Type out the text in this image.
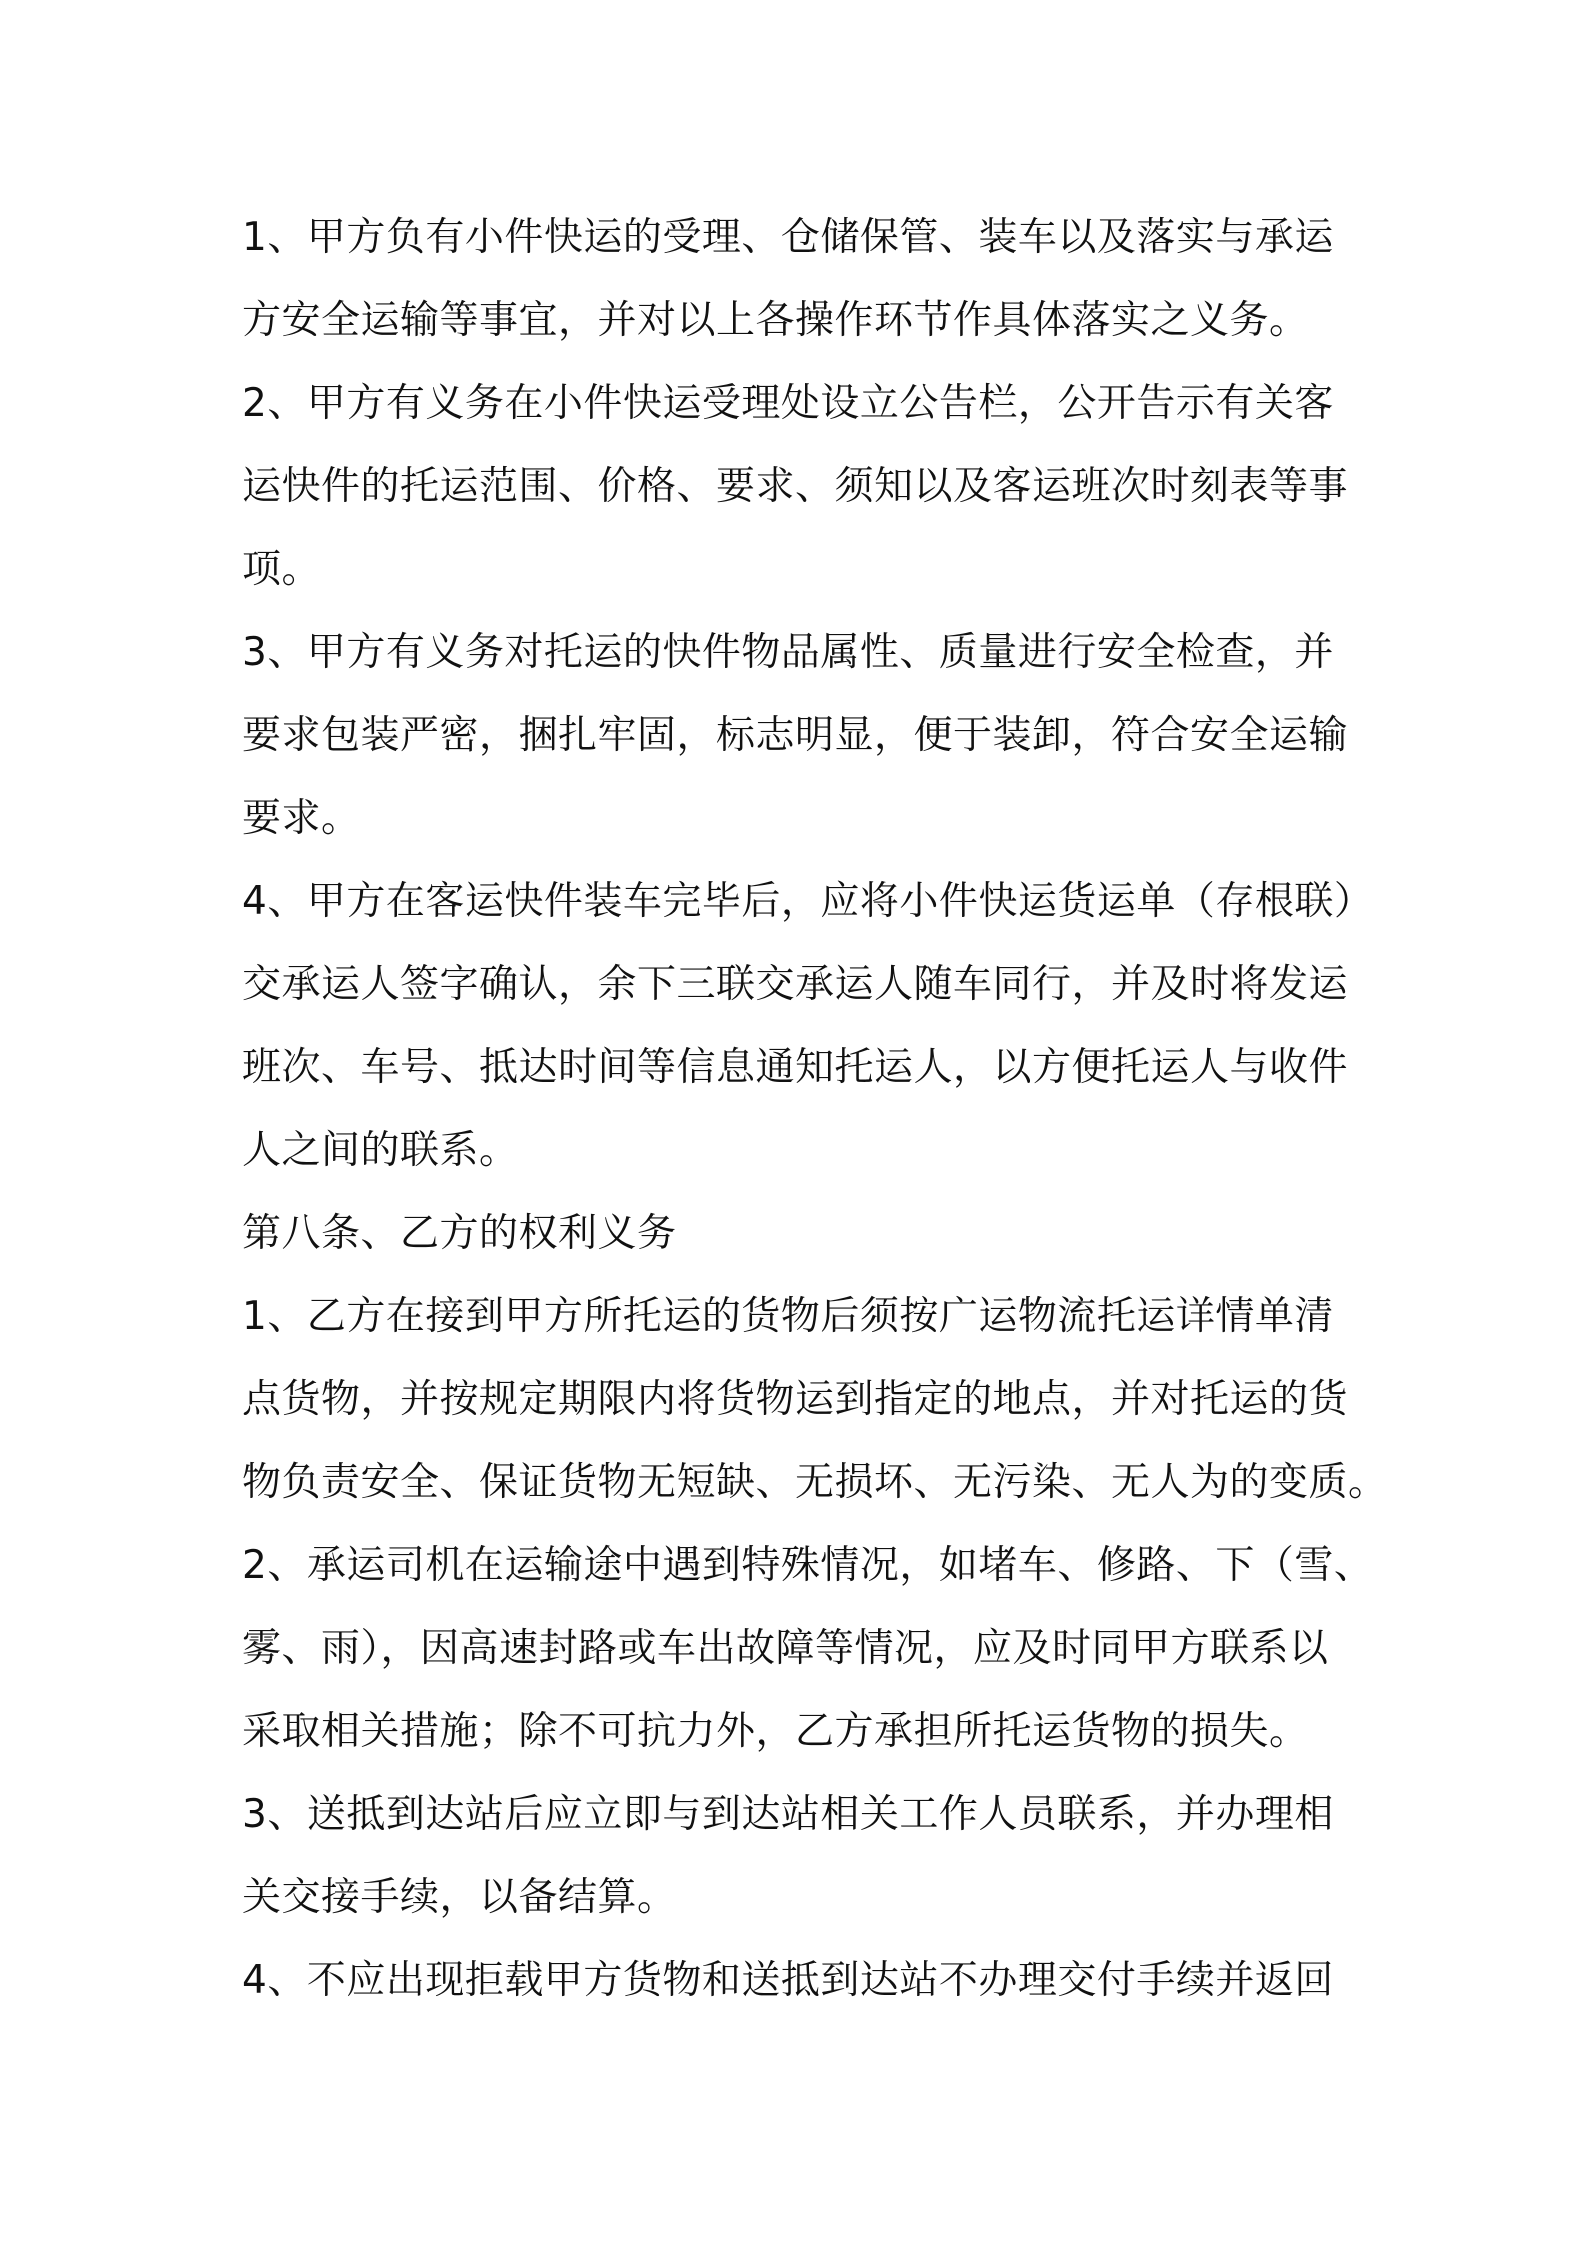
1、甲方负有小件快运的受理、仓储保管、装车以及落实与承运
方安全运输等事宜，并对以上各操作环节作具体落实之义务。
2、甲方有义务在小件快运受理处设立公告栏，公开告示有关客
运快件的托运范围、价格、要求、须知以及客运班次时刻表等事
项。
3、甲方有义务对托运的快件物品属性、质量进行安全检查，并
要求包装严密，捆扎牢固，标志明显，便于装卸，符合安全运输
要求。
4、甲方在客运快件装车完毕后，应将小件快运货运单（存根联）
交承运人签字确认，余下三联交承运人随车同行，并及时将发运
班次、车号、抵达时间等信息通知托运人，以方便托运人与收件
人之间的联系。
第八条、乙方的权利义务
1、乙方在接到甲方所托运的货物后须按广运物流托运详情单清
点货物，并按规定期限内将货物运到指定的地点，并对托运的货
物负责安全、保证货物无短缺、无损坏、无污染、无人为的变质。
2、承运司机在运输途中遇到特殊情况，如堵车、修路、下（雪、
雾、雨），因高速封路或车出故障等情况，应及时同甲方联系以
采取相关措施；除不可抗力外，乙方承担所托运货物的损失。
3、送抵到达站后应立即与到达站相关工作人员联系，并办理相
关交接手续，以备结算。
4、不应出现拒载甲方货物和送抵到达站不办理交付手续并返回
